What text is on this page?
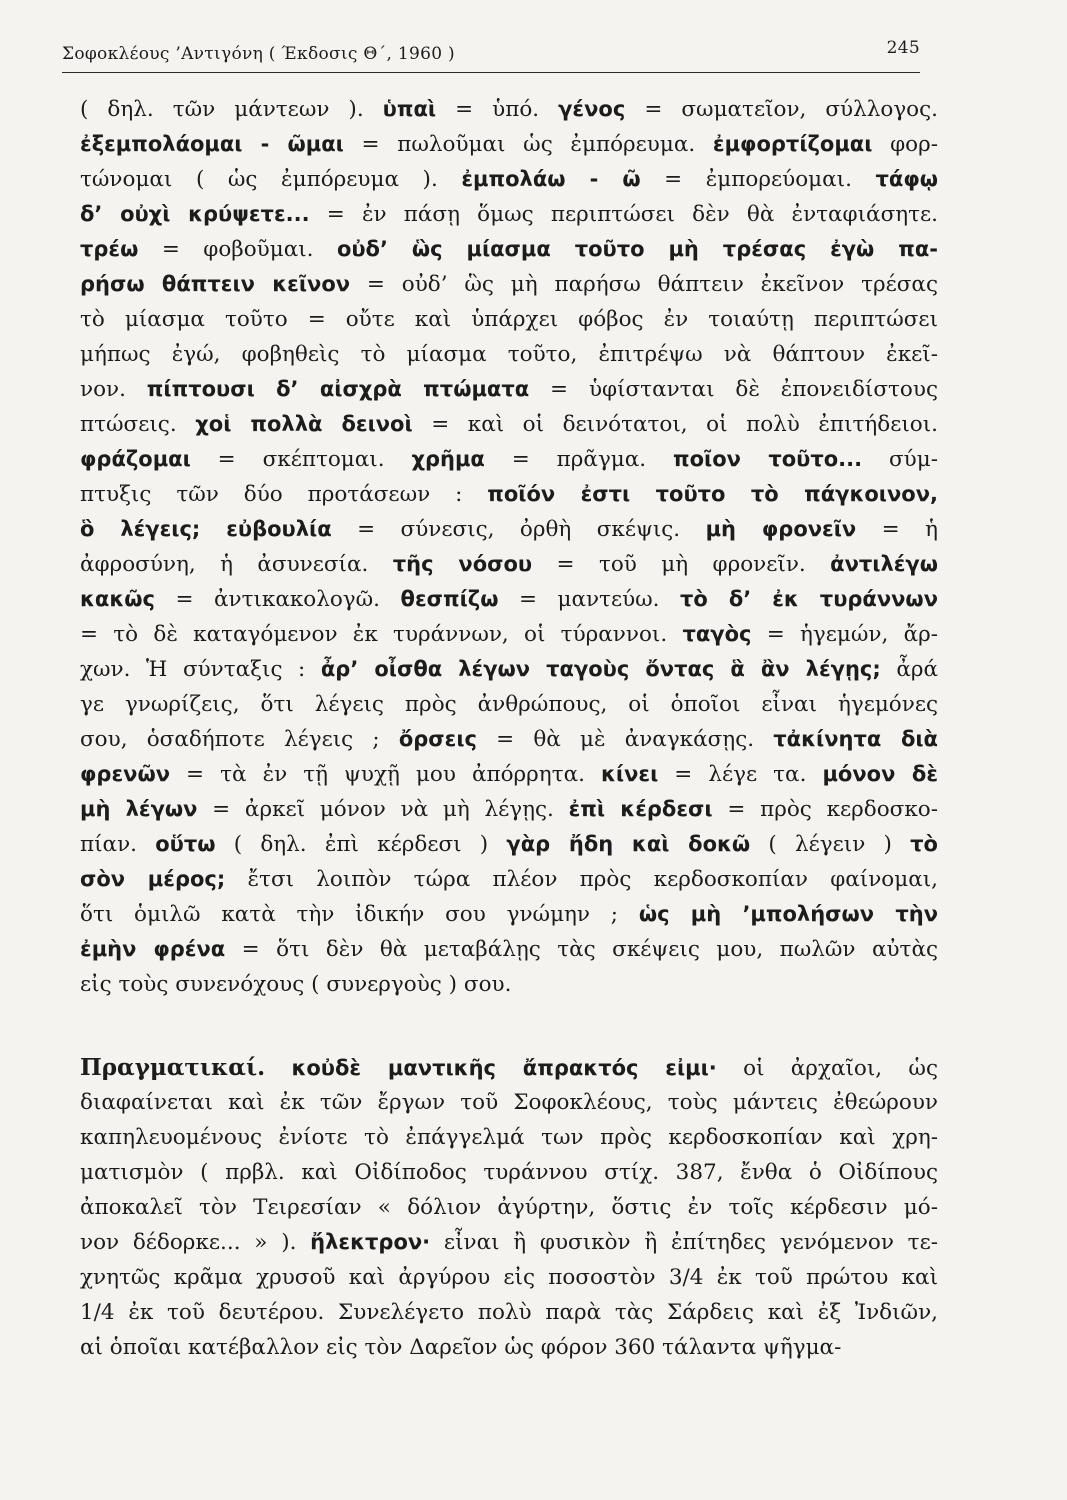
Σοφοκλέους ’Αντιγόνη ( Έκδοσις Θ΄, 1960 )	245
( δηλ. τῶν μάντεων ). ὑπαὶ = ὑπό. γένος = σωματεῖον, σύλλογος.
ἐξεμπολάομαι - ῶμαι = πωλοῦμαι ὡς ἐμπόρευμα. ἐμφορτίζομαι φορ-
τώνομαι ( ὡς ἐμπόρευμα ). ἐμπολάω - ῶ = ἐμπορεύομαι. τάφῳ
δ’ οὐχὶ κρύψετε... = ἐν πάσῃ ὅμως περιπτώσει δὲν θὰ ἐνταφιάσητε.
τρέω = φοβοῦμαι. οὐδ’ ὣς μίασμα τοῦτο μὴ τρέσας ἐγὼ πα-
ρήσω θάπτειν κεῖνον = οὐδ’ ὣς μὴ παρήσω θάπτειν ἐκεῖνον τρέσας
τὸ μίασμα τοῦτο = οὔτε καὶ ὑπάρχει φόβος ἐν τοιαύτῃ περιπτώσει
μήπως ἐγώ, φοβηθεὶς τὸ μίασμα τοῦτο, ἐπιτρέψω νὰ θάπτουν ἐκεῖ-
νον. πίπτουσι δ’ αἰσχρὰ πτώματα = ὑφίστανται δὲ ἐπονειδίστους
πτώσεις. χοἱ πολλὰ δεινοὶ = καὶ οἱ δεινότατοι, οἱ πολὺ ἐπιτήδειοι.
φράζομαι = σκέπτομαι. χρῆμα = πρᾶγμα. ποῖον τοῦτο... σύμ-
πτυξις τῶν δύο προτάσεων : ποῖόν ἐστι τοῦτο τὸ πάγκοινον,
ὃ λέγεις; εὐβουλία = σύνεσις, ὀρθὴ σκέψις. μὴ φρονεῖν = ἡ
ἀφροσύνη, ἡ ἀσυνεσία. τῆς νόσου = τοῦ μὴ φρονεῖν. ἀντιλέγω
κακῶς = ἀντικακολογῶ. θεσπίζω = μαντεύω. τὸ δ’ ἐκ τυράννων
= τὸ δὲ καταγόμενον ἐκ τυράννων, οἱ τύραννοι. ταγὸς = ἡγεμών, ἄρ-
χων. Ἡ σύνταξις : ἆρ’ οἶσθα λέγων ταγοὺς ὄντας ἃ ἂν λέγῃς; ἆρά
γε γνωρίζεις, ὅτι λέγεις πρὸς ἀνθρώπους, οἱ ὁποῖοι εἶναι ἡγεμόνες
σου, ὁσαδήποτε λέγεις ; ὄρσεις = θὰ μὲ ἀναγκάσῃς. τἀκίνητα διὰ
φρενῶν = τὰ ἐν τῇ ψυχῇ μου ἀπόρρητα. κίνει = λέγε τα. μόνον δὲ
μὴ λέγων = ἀρκεῖ μόνον νὰ μὴ λέγῃς. ἐπὶ κέρδεσι = πρὸς κερδοσκο-
πίαν. οὕτω ( δηλ. ἐπὶ κέρδεσι ) γὰρ ἤδη καὶ δοκῶ ( λέγειν ) τὸ
σὸν μέρος; ἔτσι λοιπὸν τώρα πλέον πρὸς κερδοσκοπίαν φαίνομαι,
ὅτι ὁμιλῶ κατὰ τὴν ἰδικήν σου γνώμην ; ὡς μὴ ’μπολήσων τὴν
ἐμὴν φρένα = ὅτι δὲν θὰ μεταβάλῃς τὰς σκέψεις μου, πωλῶν αὐτὰς
εἰς τοὺς συνενόχους ( συνεργοὺς ) σου.
Πραγματικαί. κοὐδὲ μαντικῆς ἄπρακτός εἰμι· οἱ ἀρχαῖοι, ὡς
διαφαίνεται καὶ ἐκ τῶν ἔργων τοῦ Σοφοκλέους, τοὺς μάντεις ἐθεώρουν
καπηλευομένους ἐνίοτε τὸ ἐπάγγελμά των πρὸς κερδοσκοπίαν καὶ χρη-
ματισμὸν ( πρβλ. καὶ Οἰδίποδος τυράννου στίχ. 387, ἔνθα ὁ Οἰδίπους
ἀποκαλεῖ τὸν Τειρεσίαν « δόλιον ἀγύρτην, ὅστις ἐν τοῖς κέρδεσιν μό-
νον δέδορκε... » ). ἤλεκτρον· εἶναι ἢ φυσικὸν ἢ ἐπίτηδες γενόμενον τε-
χνητῶς κρᾶμα χρυσοῦ καὶ ἀργύρου εἰς ποσοστὸν 3/4 ἐκ τοῦ πρώτου καὶ
1/4 ἐκ τοῦ δευτέρου. Συνελέγετο πολὺ παρὰ τὰς Σάρδεις καὶ ἐξ Ἰνδιῶν,
αἱ ὁποῖαι κατέβαλλον εἰς τὸν Δαρεῖον ὡς φόρον 360 τάλαντα ψῆγμα-
